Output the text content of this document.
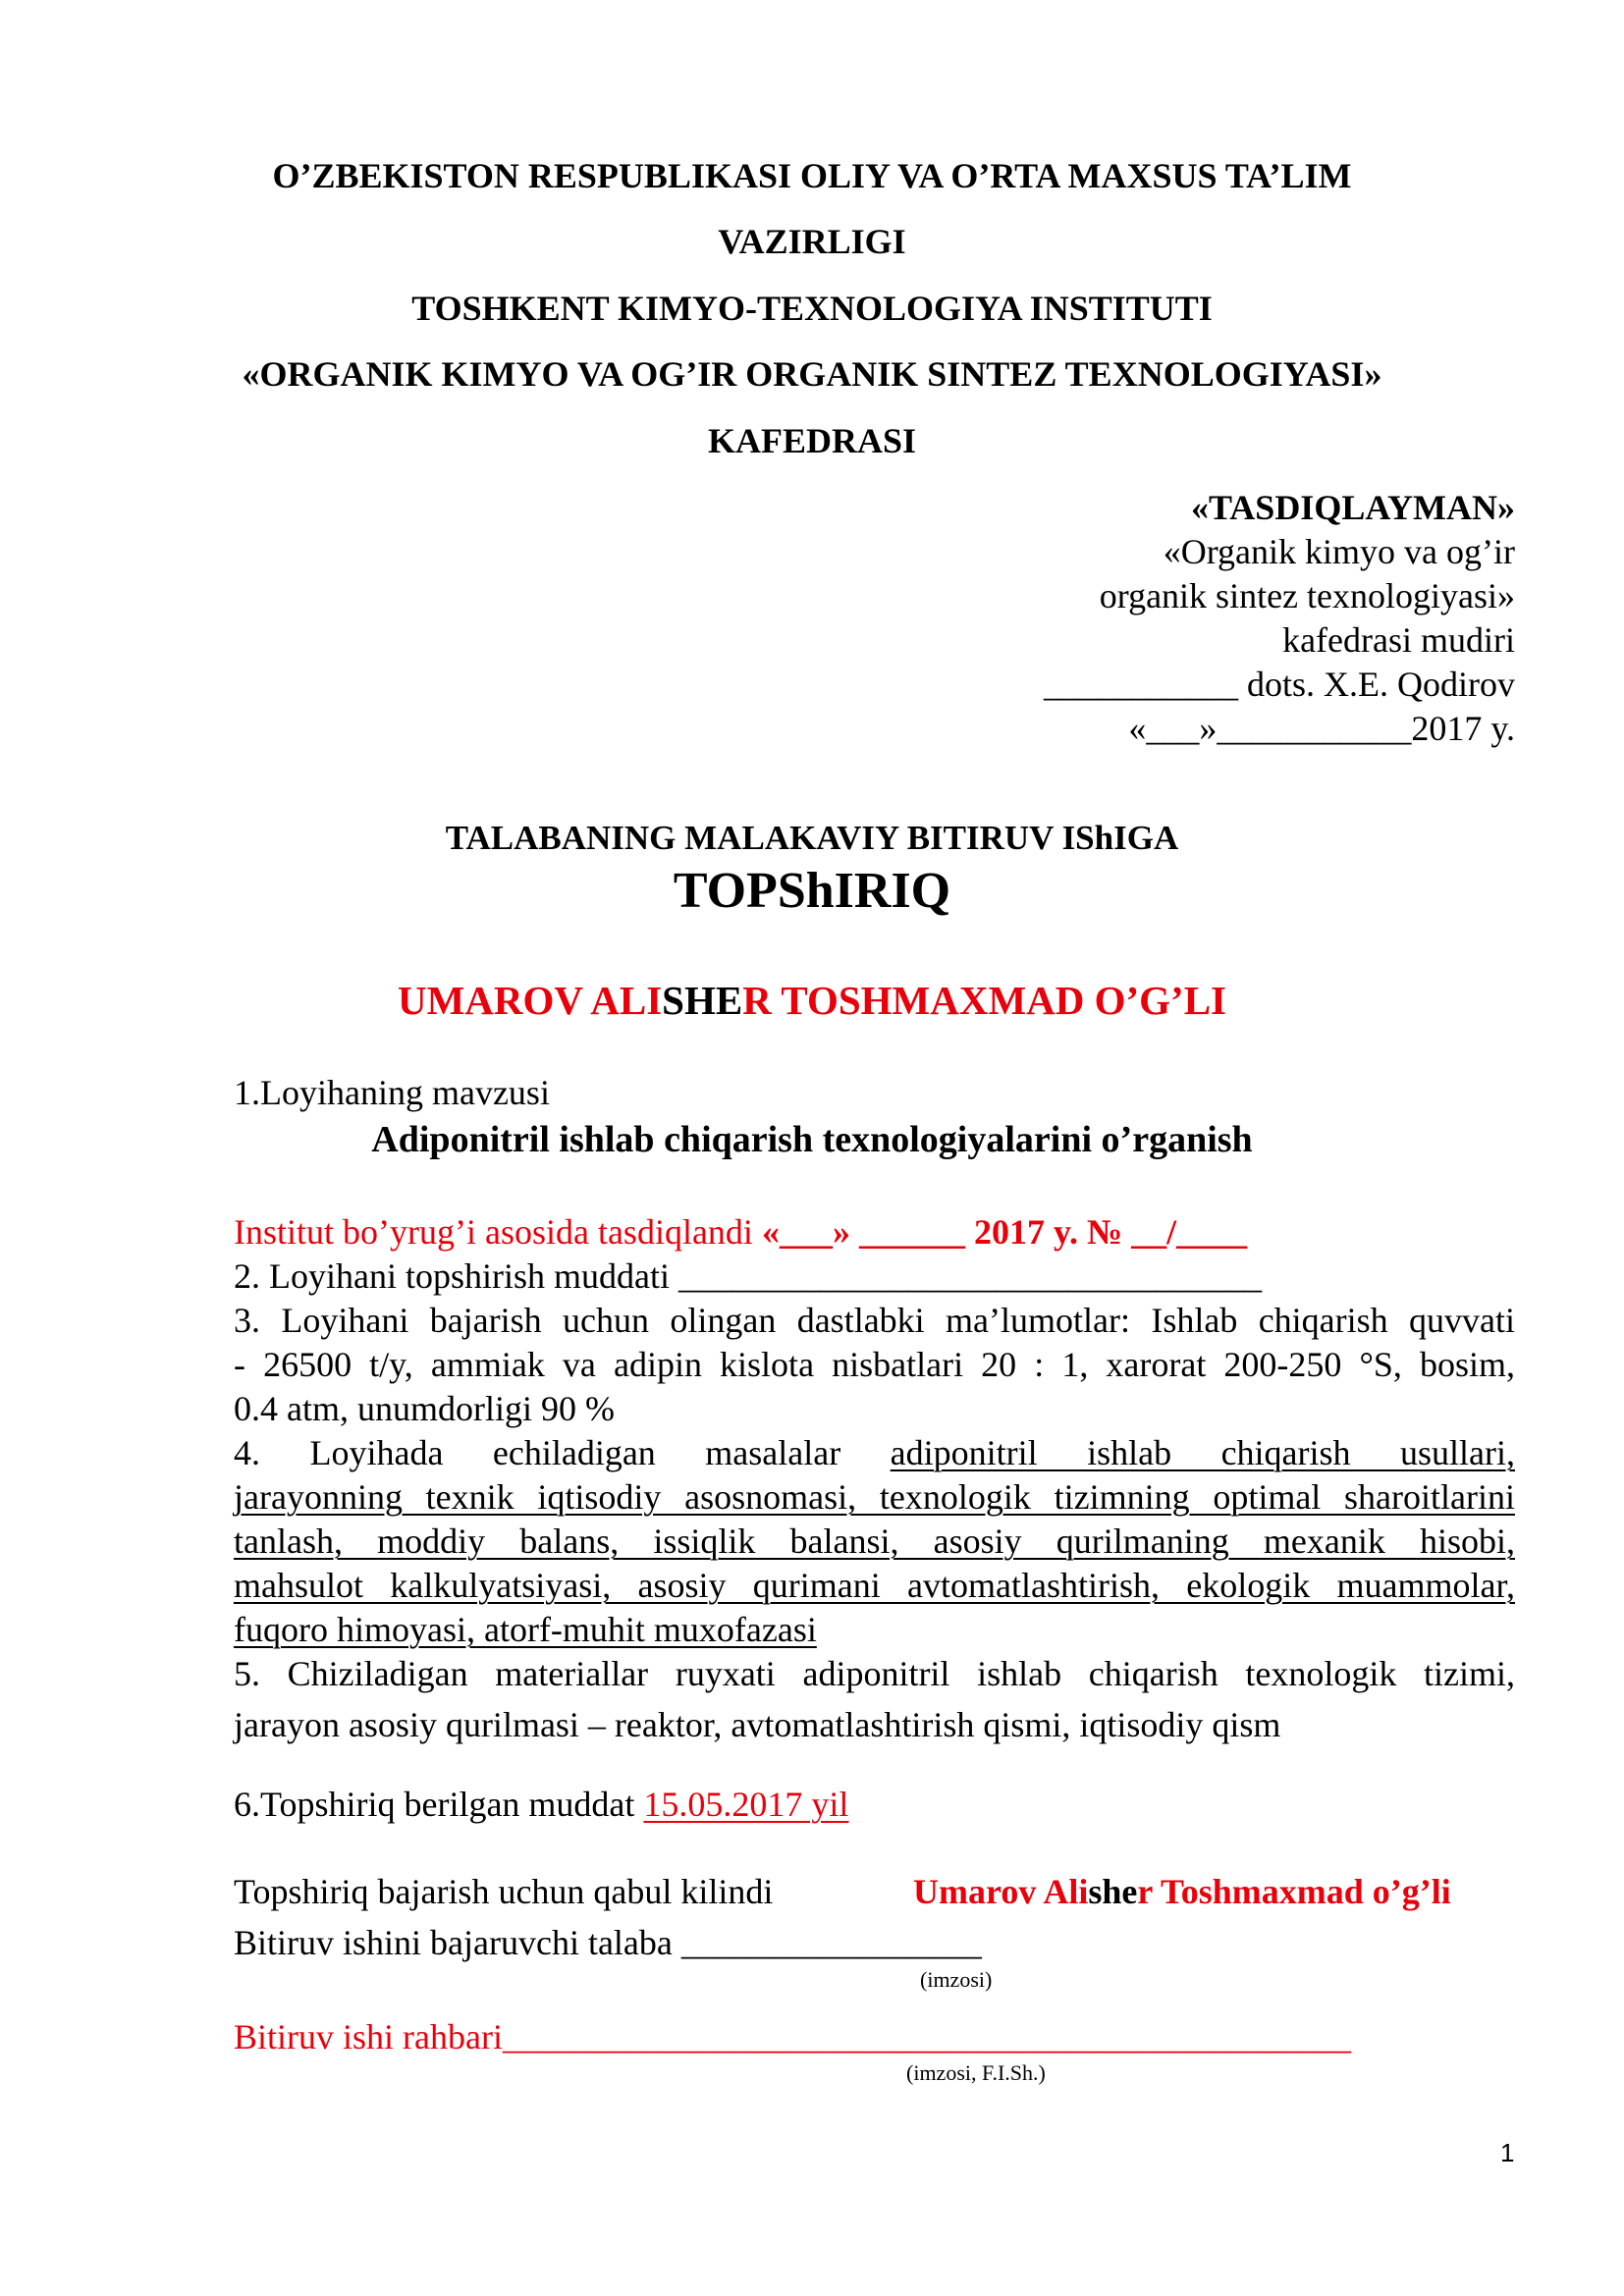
O’ZBEKISTON RESPUBLIKASI OLIY VA O’RTA MAXSUS TA’LIM
VAZIRLIGI
TOSHKENT KIMYO-TEXNOLOGIYA INSTITUTI
«ORGANIK KIMYO VA OG’IR ORGANIK SINTEZ TEXNOLOGIYASI»
KAFEDRASI
«TASDIQLAYMAN»
«Organik kimyo va og’ir
organik sintez texnologiyasi»
kafedrasi mudiri
___________ dots. X.E. Qodirov
«___»___________2017 y.
TALABANING MALAKAVIY BITIRUV IShIGA
TOPShIRIQ
UMAROV ALISHER TOSHMAXMAD O’G’LI
1.Loyihaning mavzusi
Adiponitril ishlab chiqarish texnologiyalarini o’rganish
Institut bo’yrug’i asosida tasdiqlandi «___» ______ 2017 y. № __/____
2. Loyihani topshirish muddati _________________________________
3. Loyihani bajarish uchun olingan dastlabki ma’lumotlar: Ishlab chiqarish quvvati
- 26500 t/y, ammiak va adipin kislota nisbatlari 20 : 1, xarorat 200-250 °S, bosim,
0.4 atm, unumdorligi 90 %
4. Loyihada echiladigan masalalar adiponitril ishlab chiqarish usullari,
jarayonning texnik iqtisodiy asosnomasi, texnologik tizimning optimal sharoitlarini
tanlash, moddiy balans, issiqlik balansi, asosiy qurilmaning mexanik hisobi,
mahsulot kalkulyatsiyasi, asosiy qurimani avtomatlashtirish, ekologik muammolar,
fuqoro himoyasi, atorf-muhit muxofazasi
5. Chiziladigan materiallar ruyxati adiponitril ishlab chiqarish texnologik tizimi,
jarayon asosiy qurilmasi – reaktor, avtomatlashtirish qismi, iqtisodiy qism
6.Topshiriq berilgan muddat 15.05.2017 yil
Topshiriq bajarish uchun qabul kilindi	Umarov Alisher Toshmaxmad o’g’li
Bitiruv ishini bajaruvchi talaba _________________
(imzosi)
Bitiruv ishi rahbari________________________________________________
(imzosi, F.I.Sh.)
1
